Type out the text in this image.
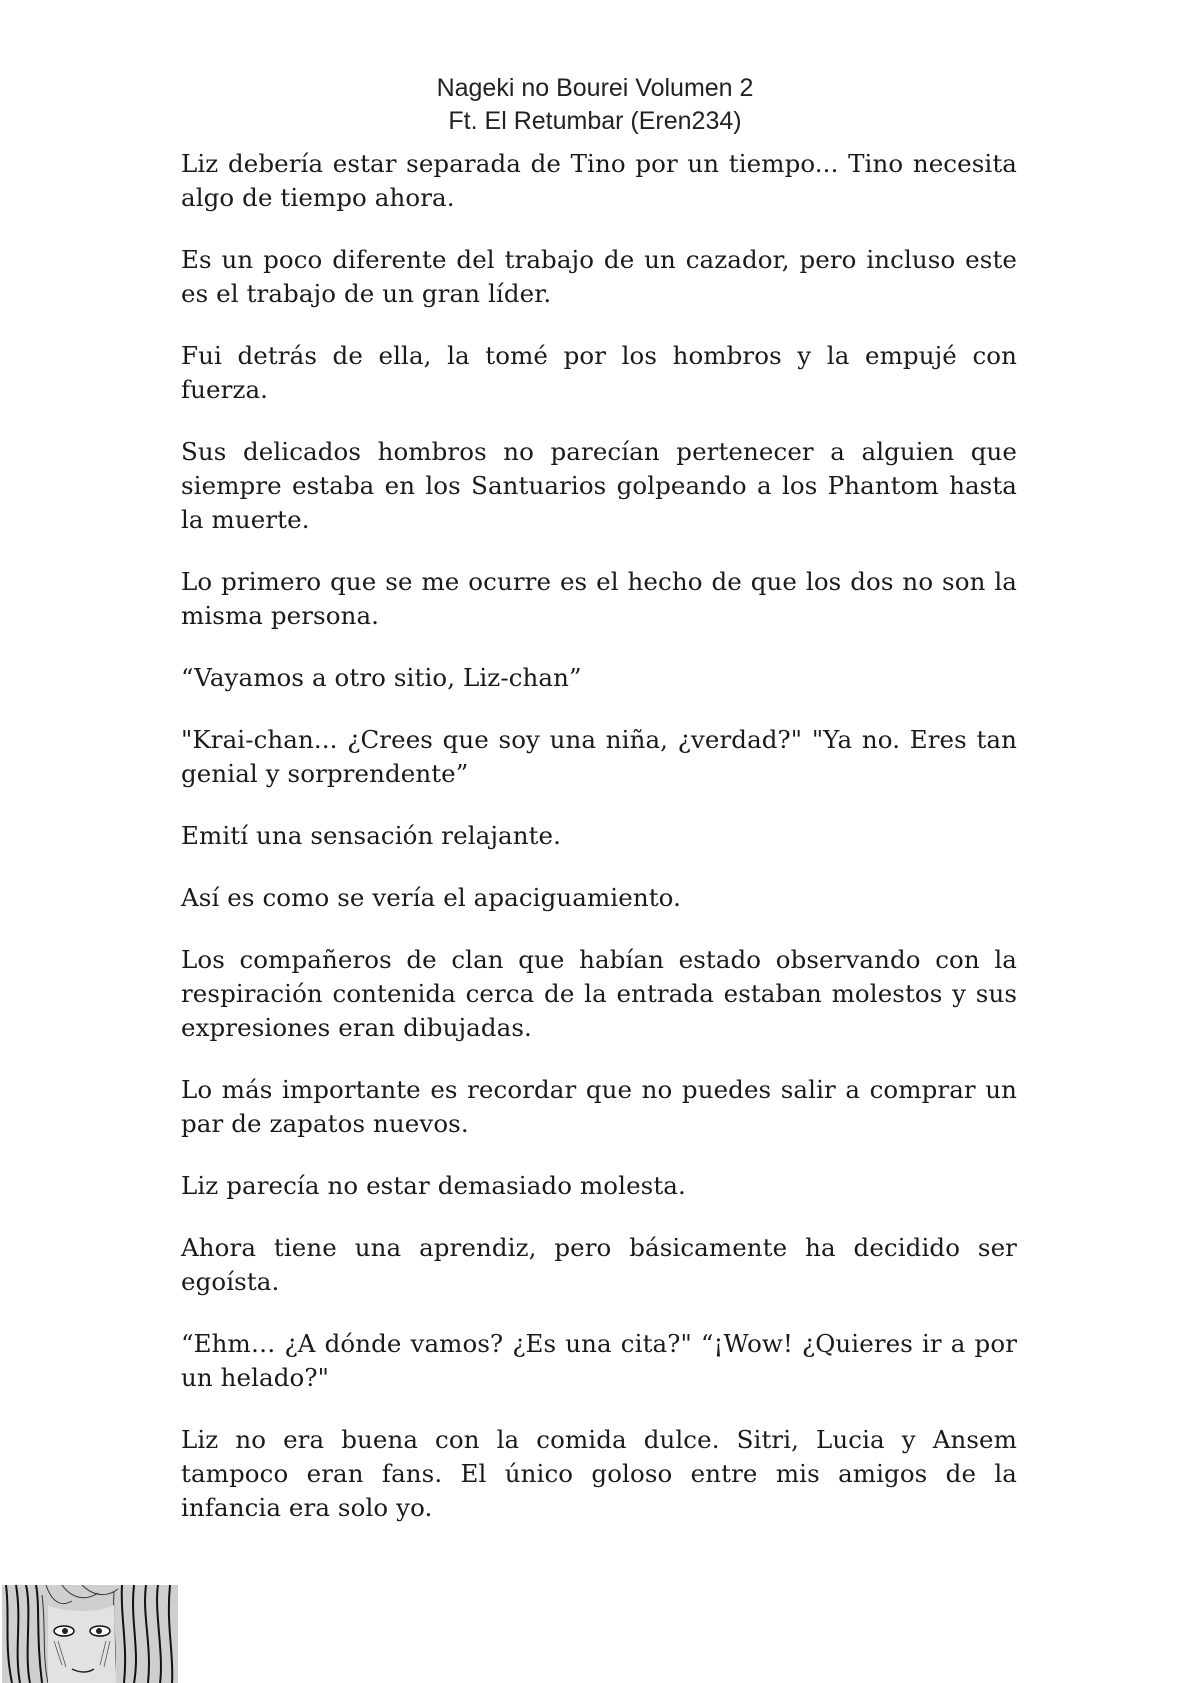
Nageki no Bourei Volumen 2
Ft. El Retumbar (Eren234)

Liz debería estar separada de Tino por un tiempo... Tino necesita algo de tiempo ahora.

Es un poco diferente del trabajo de un cazador, pero incluso este es el trabajo de un gran líder.

Fui detrás de ella, la tomé por los hombros y la empujé con fuerza.

Sus delicados hombros no parecían pertenecer a alguien que siempre estaba en los Santuarios golpeando a los Phantom hasta la muerte.

Lo primero que se me ocurre es el hecho de que los dos no son la misma persona.

“Vayamos a otro sitio, Liz-chan”

"Krai-chan... ¿Crees que soy una niña, ¿verdad?" "Ya no. Eres tan genial y sorprendente”

Emití una sensación relajante.

Así es como se vería el apaciguamiento.

Los compañeros de clan que habían estado observando con la respiración contenida cerca de la entrada estaban molestos y sus expresiones eran dibujadas.

Lo más importante es recordar que no puedes salir a comprar un par de zapatos nuevos.

Liz parecía no estar demasiado molesta.

Ahora tiene una aprendiz, pero básicamente ha decidido ser egoísta.

“Ehm… ¿A dónde vamos? ¿Es una cita?" “¡Wow! ¿Quieres ir a por un helado?"

Liz no era buena con la comida dulce. Sitri, Lucia y Ansem tampoco eran fans. El único goloso entre mis amigos de la infancia era solo yo.
